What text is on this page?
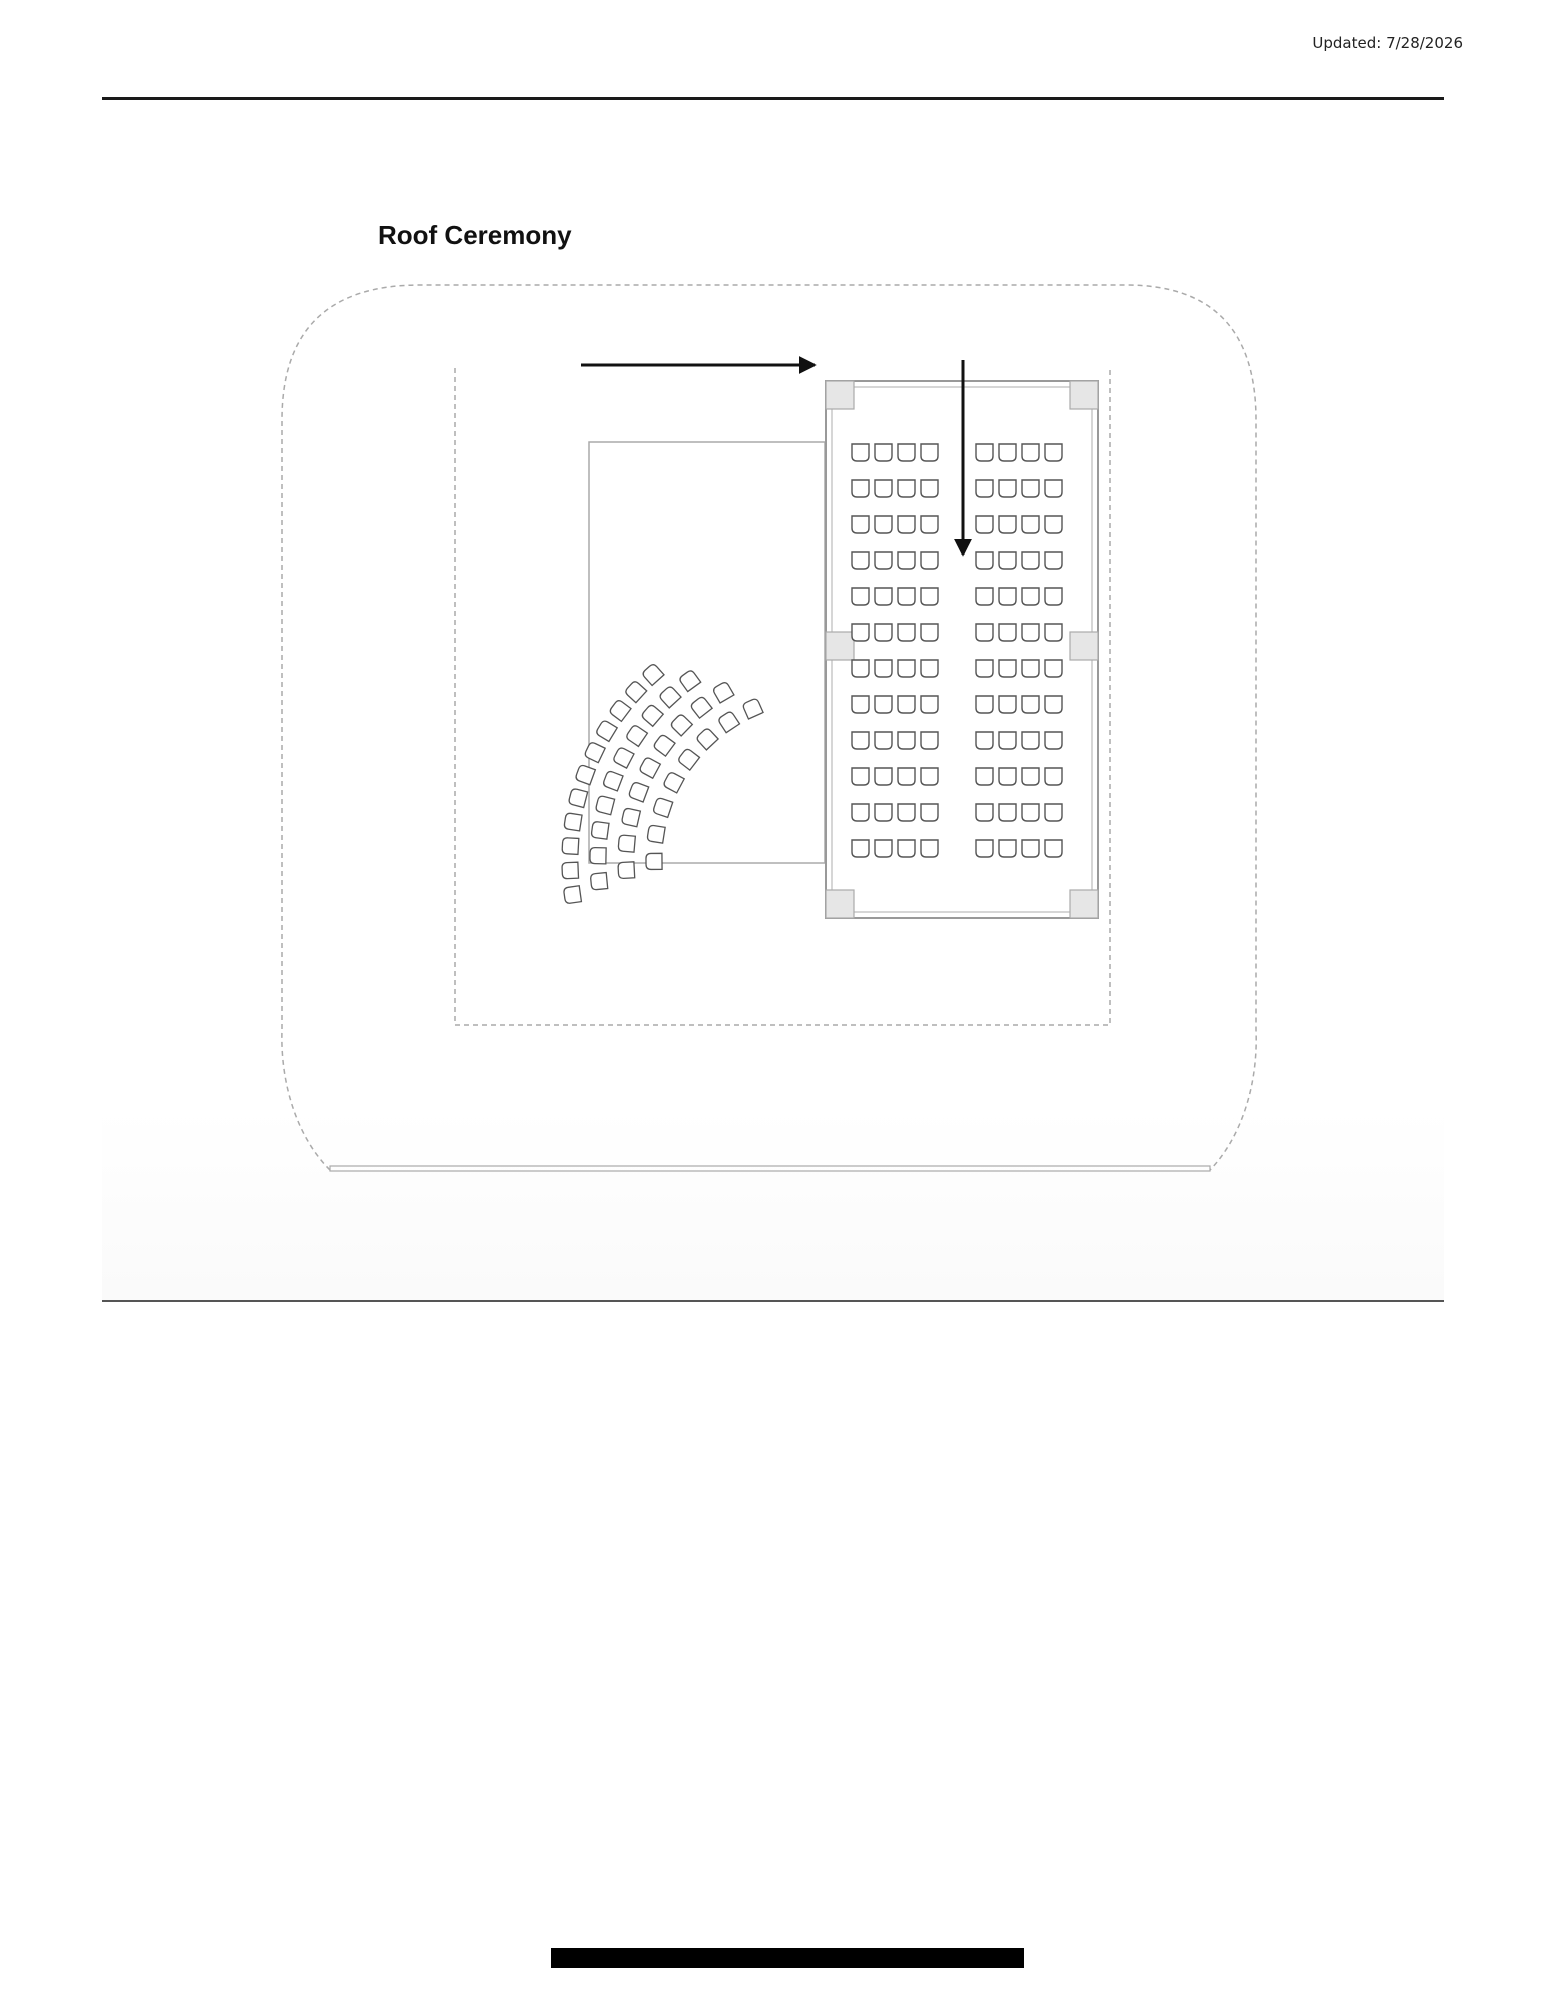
Updated: 7/28/2026
Roof Ceremony
